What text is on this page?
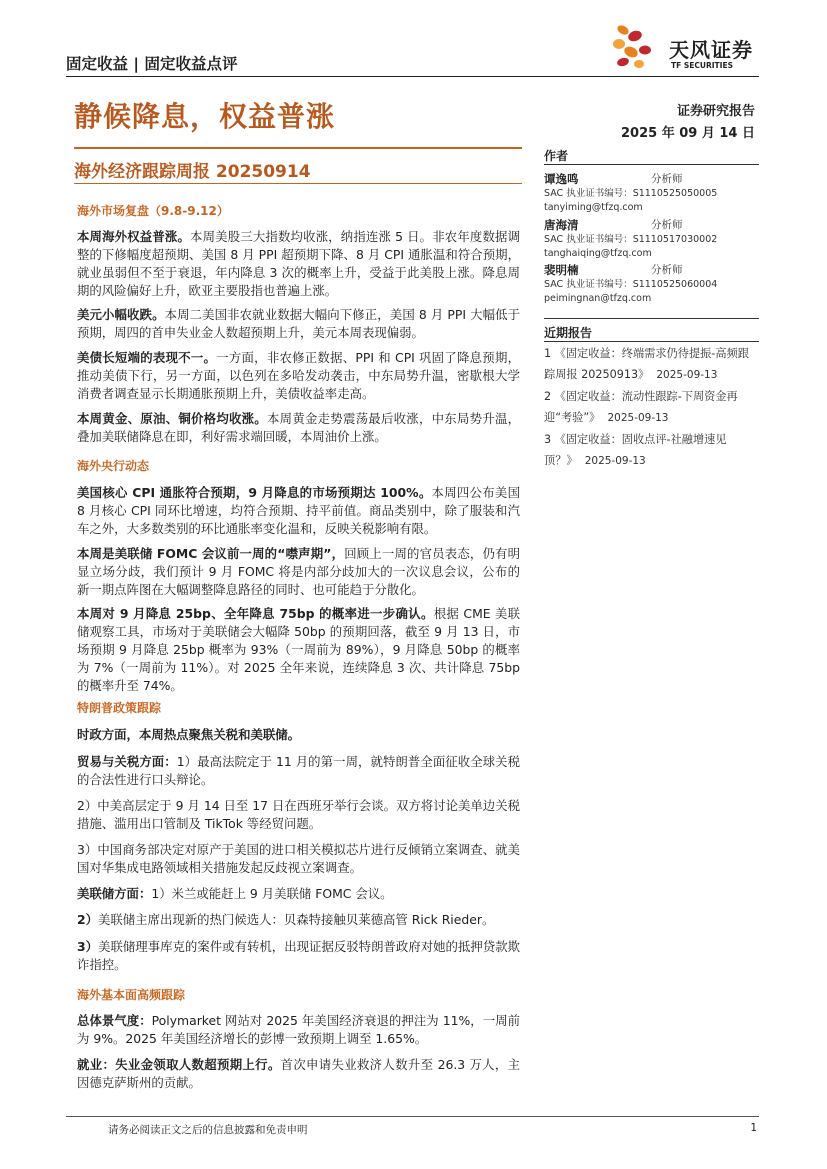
固定收益 | 固定收益点评
天风证券
TF SECURITIES
静候降息，权益普涨	证券研究报告
2025 年 09 月 14 日
海外经济跟踪周报 20250914
海外市场复盘（9.8-9.12）
本周海外权益普涨。本周美股三大指数均收涨，纳指连涨 5 日。非农年度数据调整的下修幅度超预期、美国 8 月 PPI 超预期下降、8 月 CPI 通胀温和符合预期，就业虽弱但不至于衰退，年内降息 3 次的概率上升，受益于此美股上涨。降息周期的风险偏好上升，欧亚主要股指也普遍上涨。
美元小幅收跌。本周二美国非农就业数据大幅向下修正，美国 8 月 PPI 大幅低于预期，周四的首申失业金人数超预期上升，美元本周表现偏弱。
美债长短端的表现不一。一方面，非农修正数据、PPI 和 CPI 巩固了降息预期，推动美债下行，另一方面，以色列在多哈发动袭击，中东局势升温，密歇根大学消费者调查显示长期通胀预期上升，美债收益率走高。
本周黄金、原油、铜价格均收涨。本周黄金走势震荡最后收涨，中东局势升温，叠加美联储降息在即，利好需求端回暖，本周油价上涨。
海外央行动态
美国核心 CPI 通胀符合预期，9 月降息的市场预期达 100%。本周四公布美国 8 月核心 CPI 同环比增速，均符合预期、持平前值。商品类别中，除了服装和汽车之外，大多数类别的环比通胀率变化温和，反映关税影响有限。
本周是美联储 FOMC 会议前一周的“噤声期”，回顾上一周的官员表态，仍有明显立场分歧，我们预计 9 月 FOMC 将是内部分歧加大的一次议息会议，公布的新一期点阵图在大幅调整降息路径的同时、也可能趋于分散化。
本周对 9 月降息 25bp、全年降息 75bp 的概率进一步确认。根据 CME 美联储观察工具，市场对于美联储会大幅降 50bp 的预期回落，截至 9 月 13 日，市场预期 9 月降息 25bp 概率为 93%（一周前为 89%），9 月降息 50bp 的概率为 7%（一周前为 11%）。对 2025 全年来说，连续降息 3 次、共计降息 75bp 的概率升至 74%。
特朗普政策跟踪
时政方面，本周热点聚焦关税和美联储。
贸易与关税方面：1）最高法院定于 11 月的第一周，就特朗普全面征收全球关税的合法性进行口头辩论。
2）中美高层定于 9 月 14 日至 17 日在西班牙举行会谈。双方将讨论美单边关税措施、滥用出口管制及 TikTok 等经贸问题。
3）中国商务部决定对原产于美国的进口相关模拟芯片进行反倾销立案调查、就美国对华集成电路领域相关措施发起反歧视立案调查。
美联储方面：1）米兰或能赶上 9 月美联储 FOMC 会议。
2）美联储主席出现新的热门候选人：贝森特接触贝莱德高管 Rick Rieder。
3）美联储理事库克的案件或有转机，出现证据反驳特朗普政府对她的抵押贷款欺诈指控。
海外基本面高频跟踪
总体景气度：Polymarket 网站对 2025 年美国经济衰退的押注为 11%，一周前为 9%。2025 年美国经济增长的彭博一致预期上调至 1.65%。
就业：失业金领取人数超预期上行。首次申请失业救济人数升至 26.3 万人，主因德克萨斯州的贡献。
作者
谭逸鸣	分析师
SAC 执业证书编号：S1110525050005
tanyiming@tfzq.com
唐海清	分析师
SAC 执业证书编号：S1110517030002
tanghaiqing@tfzq.com
裴明楠	分析师
SAC 执业证书编号：S1110525060004
peimingnan@tfzq.com
近期报告
1 《固定收益：终端需求仍待提振-高频跟踪周报 20250913》 2025-09-13
2 《固定收益：流动性跟踪-下周资金再迎“考验”》 2025-09-13
3 《固定收益：固收点评-社融增速见顶？》 2025-09-13
请务必阅读正文之后的信息披露和免责申明	1
